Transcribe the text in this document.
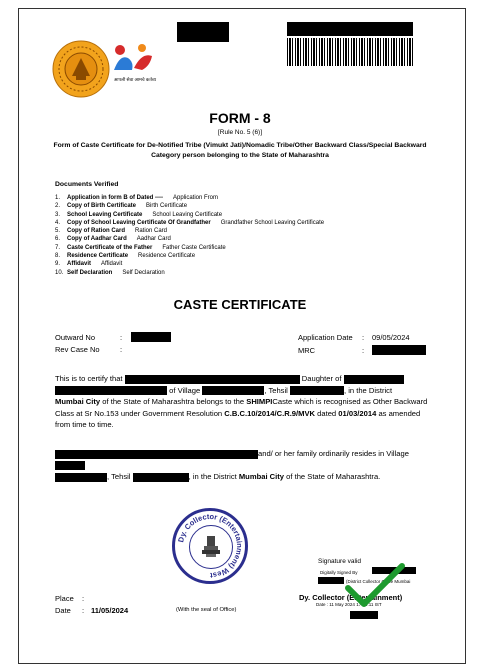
आपली सेवा आमचे कर्तव्य
FORM - 8
[Rule No. 5 (6)]
Form of Caste Certificate for De-Notified Tribe (Vimukt Jati)/Nomadic Tribe/Other Backward Class/Special Backward Category person belonging to the State of Maharashtra
Documents Verified
1. Application in form B of Dated ---- Application From
2. Copy of Birth Certificate Birth Certificate
3. School Leaving Certificate School Leaving Certificate
4. Copy of School Leaving Certificate Of Grandfather Grandfather School Leaving Certificate
5. Copy of Ration Card Ration Card
6. Copy of Aadhar Card Aadhar Card
7. Caste Certificate of the Father Father Caste Certificate
8. Residence Certificate Residence Certificate
9. Affidavit Affidavit
10. Self Declaration Self Declaration
CASTE CERTIFICATE
Outward No	:
Rev Case No	:
Application Date : 09/05/2024
MRC	:
This is to certify that	Daughter of
of Village	, Tehsil	, in the District
Mumbai City of the State of Maharashtra belongs to the SHIMPICaste which is recognised as Other Backward Class at Sr No.153 under Government Resolution C.B.C.10/2014/C.R.9/MVK dated 01/03/2014 as amended from time to time.
and/ or her family ordinarily resides in Village
, Tehsil	, in the District Mumbai City of the State of Maharashtra.
Dy. Collector (Entertainment) West
Signature valid
Digitally Signed By
(District Collector Office Mumbai
Dy. Collector (Entertainment)
Date : 11 May 2024 17:24:11 IST
Place :
Date : 11/05/2024	(With the seal of Office)
